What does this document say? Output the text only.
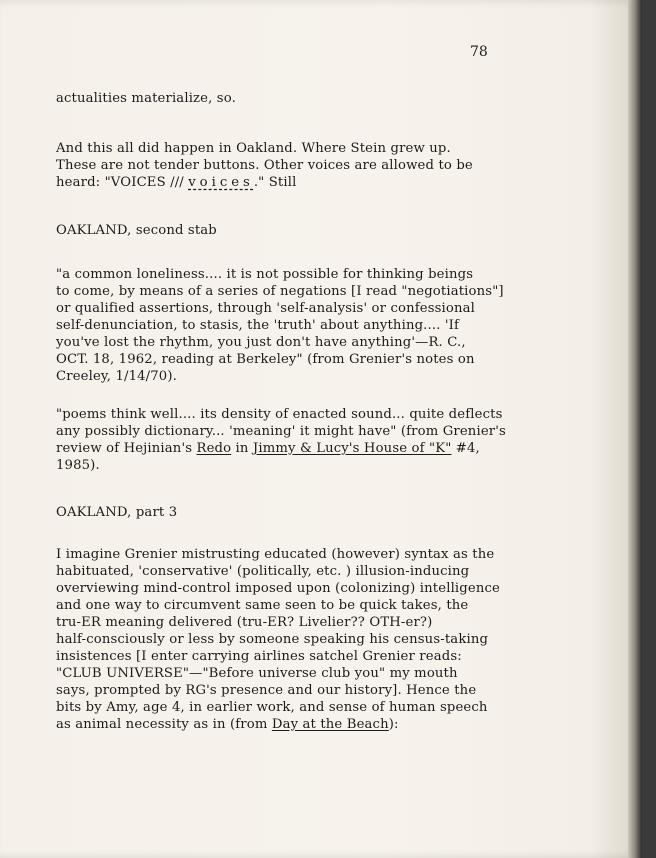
78
actualities materialize, so.
And this all did happen in Oakland. Where Stein grew up.
These are not tender buttons. Other voices are allowed to be
heard: "VOICES /// voices." Still
OAKLAND, second stab
"a common loneliness.... it is not possible for thinking beings
to come, by means of a series of negations [I read "negotiations"]
or qualified assertions, through 'self-analysis' or confessional
self-denunciation, to stasis, the 'truth' about anything.... 'If
you've lost the rhythm, you just don't have anything'—R. C.,
OCT. 18, 1962, reading at Berkeley" (from Grenier's notes on
Creeley, 1/14/70).
"poems think well.... its density of enacted sound... quite deflects
any possibly dictionary... 'meaning' it might have" (from Grenier's
review of Hejinian's Redo in Jimmy & Lucy's House of "K" #4,
1985).
OAKLAND, part 3
I imagine Grenier mistrusting educated (however) syntax as the
habituated, 'conservative' (politically, etc. ) illusion-inducing
overviewing mind-control imposed upon (colonizing) intelligence
and one way to circumvent same seen to be quick takes, the
tru-ER meaning delivered (tru-ER? Livelier?? OTH-er?)
half-consciously or less by someone speaking his census-taking
insistences [I enter carrying airlines satchel Grenier reads:
"CLUB UNIVERSE"—"Before universe club you" my mouth
says, prompted by RG's presence and our history]. Hence the
bits by Amy, age 4, in earlier work, and sense of human speech
as animal necessity as in (from Day at the Beach):
